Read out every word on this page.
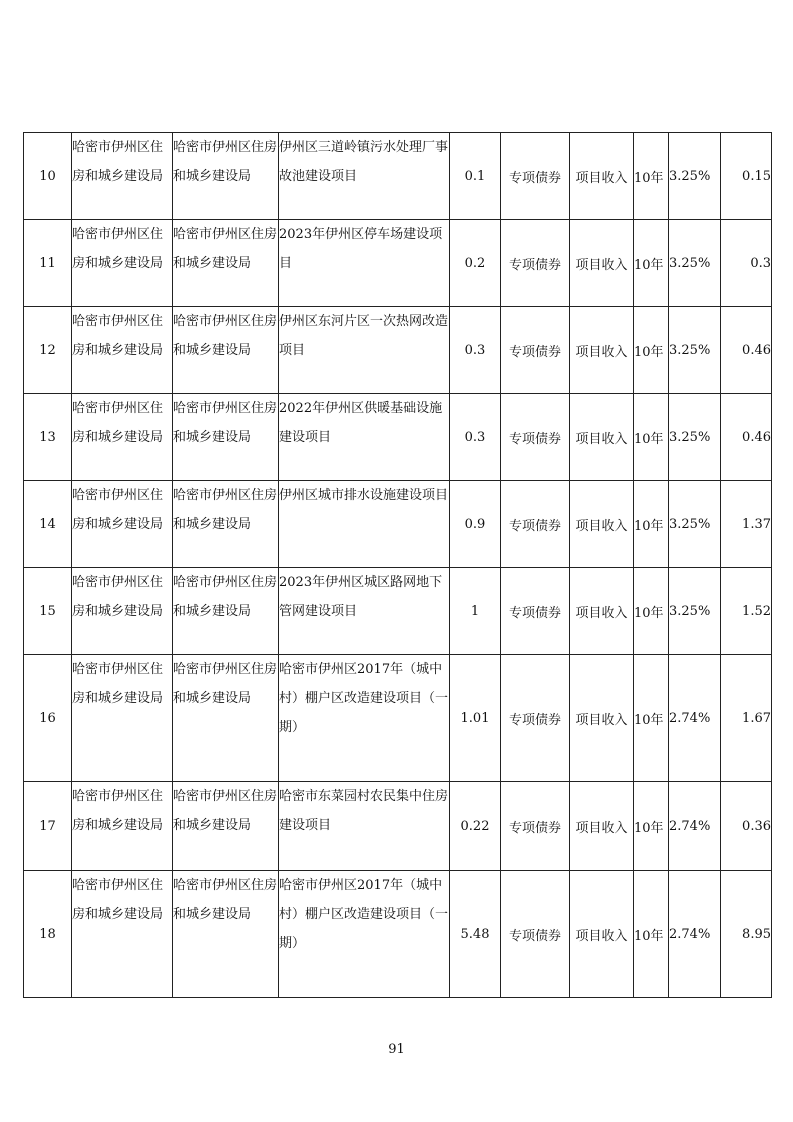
10	哈密市伊州区住房和城乡建设局	哈密市伊州区住房和城乡建设局	伊州区三道岭镇污水处理厂事故池建设项目	0.1	专项债券	项目收入	10年	3.25%	0.15
11	哈密市伊州区住房和城乡建设局	哈密市伊州区住房和城乡建设局	2023年伊州区停车场建设项目	0.2	专项债券	项目收入	10年	3.25%	0.3
12	哈密市伊州区住房和城乡建设局	哈密市伊州区住房和城乡建设局	伊州区东河片区一次热网改造项目	0.3	专项债券	项目收入	10年	3.25%	0.46
13	哈密市伊州区住房和城乡建设局	哈密市伊州区住房和城乡建设局	2022年伊州区供暖基础设施建设项目	0.3	专项债券	项目收入	10年	3.25%	0.46
14	哈密市伊州区住房和城乡建设局	哈密市伊州区住房和城乡建设局	伊州区城市排水设施建设项目	0.9	专项债券	项目收入	10年	3.25%	1.37
15	哈密市伊州区住房和城乡建设局	哈密市伊州区住房和城乡建设局	2023年伊州区城区路网地下管网建设项目	1	专项债券	项目收入	10年	3.25%	1.52
16	哈密市伊州区住房和城乡建设局	哈密市伊州区住房和城乡建设局	哈密市伊州区2017年（城中村）棚户区改造建设项目（一期）	1.01	专项债券	项目收入	10年	2.74%	1.67
17	哈密市伊州区住房和城乡建设局	哈密市伊州区住房和城乡建设局	哈密市东菜园村农民集中住房建设项目	0.22	专项债券	项目收入	10年	2.74%	0.36
18	哈密市伊州区住房和城乡建设局	哈密市伊州区住房和城乡建设局	哈密市伊州区2017年（城中村）棚户区改造建设项目（一期）	5.48	专项债券	项目收入	10年	2.74%	8.95
91
